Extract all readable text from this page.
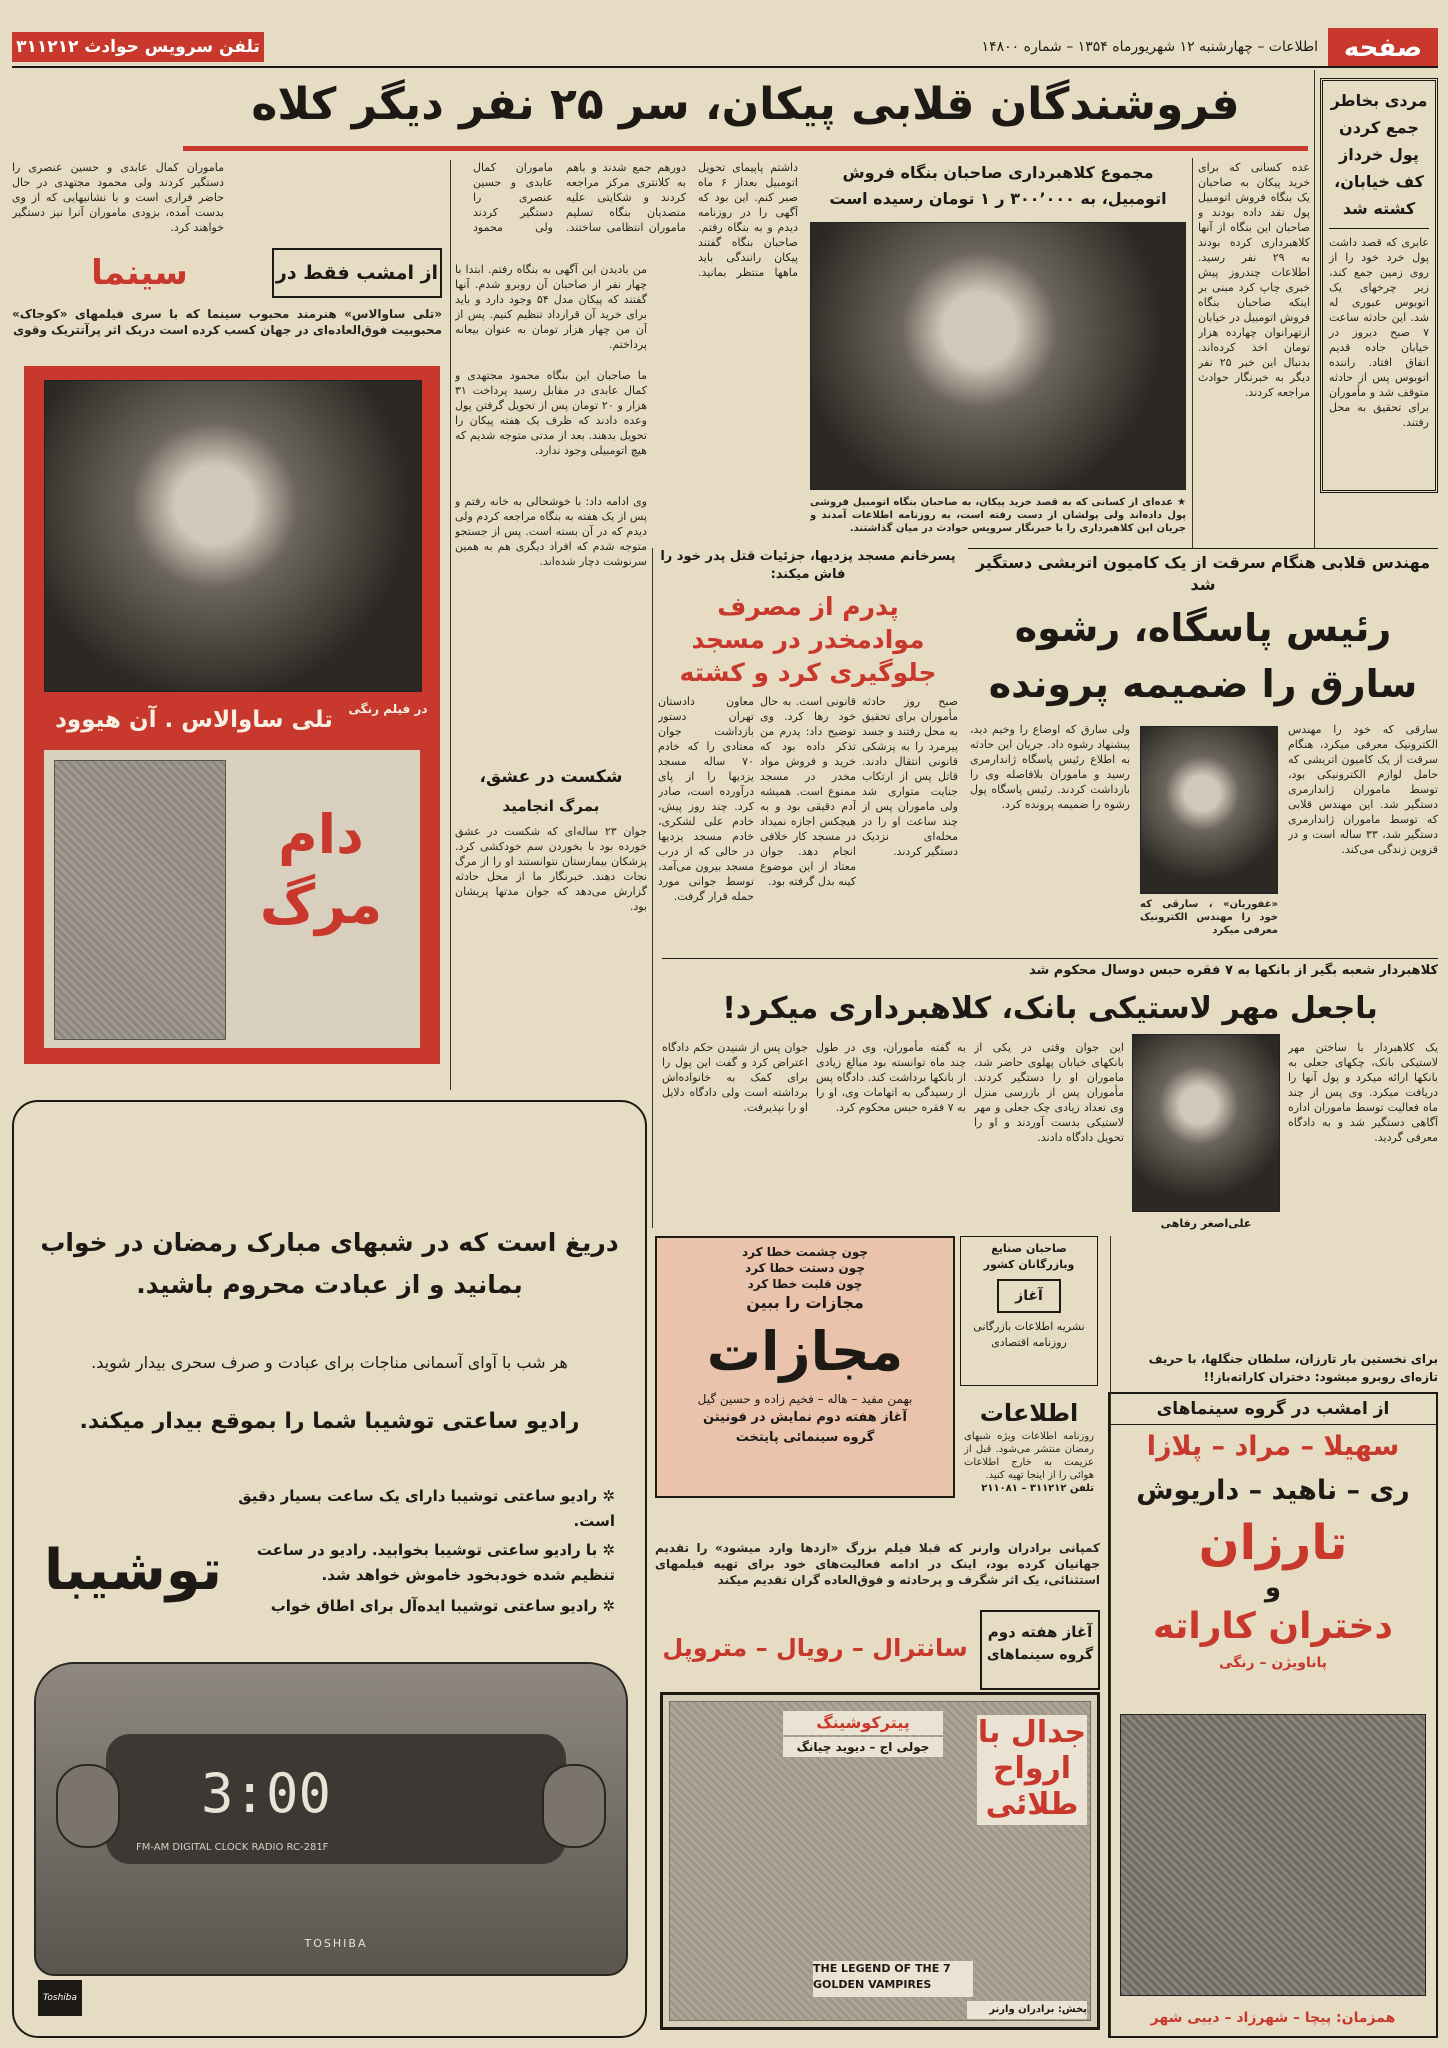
صفحه
اطلاعات – چهارشنبه ۱۲ شهریورماه ۱۳۵۴ – شماره ۱۴۸۰۰
تلفن سرویس حوادث ۳۱۱۲۱۲
مردی بخاطر جمع کردن پول خرداز کف خیابان، کشته شد
عابری که قصد داشت پول خرد خود را از روی زمین جمع کند، زیر چرخهای یک اتوبوس عبوری له شد. این حادثه ساعت ۷ صبح دیروز در خیابان جاده قدیم اتفاق افتاد. راننده اتوبوس پس از حادثه متوقف شد و مأموران برای تحقیق به محل رفتند.
فروشندگان قلابی پیکان، سر ۲۵ نفر دیگر کلاه
عده کسانی که برای خرید پیکان به صاحبان یک بنگاه فروش اتومبیل پول نقد داده بودند و صاحبان این بنگاه از آنها کلاهبرداری کرده بودند به ۲۹ نفر رسید. اطلاعات چندروز پیش خبری چاپ کرد مبنی بر اینکه صاحبان بنگاه فروش اتومبیل در خیابان ازتهرانوان چهارده هزار تومان اخذ کرده‌اند. بدنبال این خبر ۲۵ نفر دیگر به خبرنگار حوادث مراجعه کردند.
مجموع کلاهبرداری صاحبان بنگاه فروش اتومبیل، به ۳۰۰٬۰۰۰ ر ۱ تومان رسیده است
★ عده‌ای از کسانی که به قصد خرید پیکان، به صاحبان بنگاه اتومبیل فروشی پول داده‌اند ولی پولشان از دست رفته است، به روزنامه اطلاعات آمدند و جریان این کلاهبرداری را با خبرنگار سرویس حوادث در میان گذاشتند.
داشتم پاپیمای تحویل اتومبیل بعداز ۶ ماه صبر کنم. این بود که آگهی را در روزنامه دیدم و به بنگاه رفتم. صاحبان بنگاه گفتند پیکان رانندگی باید ماهها منتظر بمانید.
دورهم جمع شدند و باهم به کلانتری مرکز مراجعه کردند و شکایتی علیه متصدیان بنگاه تسلیم ماموران انتظامی ساختند.
ماموران کمال عابدی و حسین عنصری را دستگیر کردند ولی محمود
ماموران کمال عابدی و حسین عنصری را دستگیر کردند ولی محمود مجتهدی در حال حاضر فراری است و با نشانیهایی که از وی بدست آمده، بزودی ماموران آنرا نیز دستگیر خواهند کرد.
از امشب فقط در
سینما
«تلی ساوالاس» هنرمند محبوب سینما که با سری فیلمهای «کوجاک» محبوبیت فوق‌العاده‌ای در جهان کسب کرده است دریک اثر پرآتتریک وقوی
تلی ساوالاس . آن هیوود	در فیلم رنگی
دام مرگ
من بادیدن این آگهی به بنگاه رفتم. ابتدا با چهار نفر از صاحبان آن روبرو شدم. آنها گفتند که پیکان مدل ۵۴ وجود دارد و باید برای خرید آن قرارداد تنظیم کنیم. پس از آن من چهار هزار تومان به عنوان بیعانه پرداختم.
ما صاحبان این بنگاه محمود مجتهدی و کمال عابدی در مقابل رسید پرداخت ۳۱ هزار و ۲۰ تومان پس از تحویل گرفتن پول وعده دادند که ظرف یک هفته پیکان را تحویل بدهند. بعد از مدتی متوجه شدیم که هیچ اتومبیلی وجود ندارد.
وی ادامه داد: با خوشحالی به خانه رفتم و پس از یک هفته به بنگاه مراجعه کردم ولی دیدم که در آن بسته است. پس از جستجو متوجه شدم که افراد دیگری هم به همین سرنوشت دچار شده‌اند.
شکست در عشق،
بمرگ انجامید
جوان ۲۳ ساله‌ای که شکست در عشق خورده بود با بخوردن سم خودکشی کرد. پزشکان بیمارستان نتوانستند او را از مرگ نجات دهند. خبرنگار ما از محل حادثه گزارش می‌دهد که جوان مدتها پریشان بود.
پسرخانم مسجد پزدیها، جزئیات قتل پدر خود را فاش میکند:
پدرم از مصرف موادمخدر در مسجد جلوگیری کرد و کشته
معاون دادستان تهران دستور بازداشت جوان معتادی را که خادم ۷۰ ساله مسجد یزدیها را از پای درآورده است، صادر کرد. چند روز پیش، خادم علی لشکری، خادم مسجد یزدیها در حالی که از درب مسجد بیرون می‌آمد، توسط جوانی مورد حمله قرار گرفت.
قانونی است. به حال خود رها کرد. وی توضیح داد: پدرم من تذکر داده بود که خرید و فروش مواد مخدر در مسجد ممنوع است. همیشه آدم دقیقی بود و به هیچکس اجازه نمیداد در مسجد کار خلافی انجام دهد. جوان معتاد از این موضوع کینه بدل گرفته بود.
صبح روز حادثه مأموران برای تحقیق به محل رفتند و جسد پیرمرد را به پزشکی قانونی انتقال دادند. قاتل پس از ارتکاب جنایت متواری شد ولی ماموران پس از چند ساعت او را در محله‌ای نزدیک دستگیر کردند.
مهندس قلابی هنگام سرقت از یک کامیون اتربشی دستگیر شد
رئیس پاسگاه، رشوه سارق را ضمیمه پرونده
سارقی که خود را مهندس الکترونیک معرفی میکرد، هنگام سرقت از یک کامیون اتریشی که حامل لوازم الکترونیکی بود، توسط ماموران ژاندارمری دستگیر شد. این مهندس قلابی که توسط ماموران ژاندارمری دستگیر شد، ۳۳ ساله است و در قزوین زندگی می‌کند.
«غفوریان» ، سارقی که خود را مهندس الکترونیک معرفی میکرد
ولی سارق که اوضاع را وخیم دید، پیشنهاد رشوه داد. جریان این حادثه به اطلاع رئیس پاسگاه ژاندارمری رسید و ماموران بلافاصله وی را بازداشت کردند. رئیس پاسگاه پول رشوه را ضمیمه پرونده کرد.
کلاهبردار شعبه بگیر از بانکها به ۷ فقره حبس دوسال محکوم شد
باجعل مهر لاستیکی بانک، کلاهبرداری میکرد!
یک کلاهبردار با ساختن مهر لاستیکی بانک، چکهای جعلی به بانکها ارائه میکرد و پول آنها را دریافت میکرد. وی پس از چند ماه فعالیت توسط ماموران اداره آگاهی دستگیر شد و به دادگاه معرفی گردید.
علی‌اصغر رفاهی
این جوان وقتی در یکی از بانکهای خیابان پهلوی حاضر شد، ماموران او را دستگیر کردند. مأموران پس از بازرسی منزل وی تعداد زیادی چک جعلی و مهر لاستیکی بدست آوردند و او را تحویل دادگاه دادند.
به گفته مأموران، وی در طول چند ماه توانسته بود مبالغ زیادی از بانکها برداشت کند. دادگاه پس از رسیدگی به اتهامات وی، او را به ۷ فقره حبس محکوم کرد.
جوان پس از شنیدن حکم دادگاه اعتراض کرد و گفت این پول را برای کمک به خانواده‌اش برداشته است ولی دادگاه دلایل او را نپذیرفت.
دریغ است که در شبهای مبارک رمضان در خواب بمانید و از عبادت محروم باشید.
هر شب با آوای آسمانی مناجات برای عبادت و صرف سحری بیدار شوید.
رادیو ساعتی توشیبا شما را بموقع بیدار میکند.
✲ رادیو ساعتی توشیبا دارای یک ساعت بسیار دقیق است.
✲ با رادیو ساعتی توشیبا بخوابید. رادیو در ساعت تنظیم شده خودبخود خاموش خواهد شد.
✲ رادیو ساعتی توشیبا ایده‌آل برای اطاق خواب
توشیبا
3:00
FM-AM DIGITAL CLOCK RADIO RC-281F
TOSHIBA
Toshiba
چون چشمت خطا کرد
چون دستت خطا کرد
چون قلبت خطا کرد
مجازات را ببین
مجازات
بهمن مفید – هاله – فخیم زاده و حسین گیل
آغاز هفته دوم نمایش در فونیتن
گروه سینمائی پایتخت
صاحبان صنایع وبازرگانان کشور
آغاز
نشریه اطلاعات بازرگانی
روزنامه اقتصادی
اطلاعات
روزنامه اطلاعات ویژه شبهای رمضان منتشر می‌شود. قبل از عزیمت به خارج اطلاعات هوائی را از اینجا تهیه کنید.
تلفن ۳۱۱۲۱۲ – ۲۱۱۰۸۱
برای نخستین بار تارزان، سلطان جنگلها، با حریف تازه‌ای روبرو میشود: دختران کاراته‌باز!!
از امشب در گروه سینماهای
سهیلا – مراد – پلازا
ری – ناهید – داریوش
تارزان
و
دختران کاراته
پاناویژن – رنگی
همزمان: پیچا – شهرزاد – دیبی شهر
کمپانی برادران وارنر که قبلا فیلم بزرگ «ازدها وارد میشود» را تقدیم جهانیان کرده بود، اینک در ادامه فعالیت‌های خود برای تهیه فیلمهای استثنائی، یک اثر شگرف و پرحادثه و فوق‌العاده گران تقدیم میکند
آغاز هفته دوم
گروه سینماهای
سانترال – رویال – متروپل
پیترکوشینگ
جولی اج – دیوید چیانگ	جدال با ارواح طلائی
THE LEGEND OF THE 7 GOLDEN VAMPIRES
پخش: برادران وارنر
